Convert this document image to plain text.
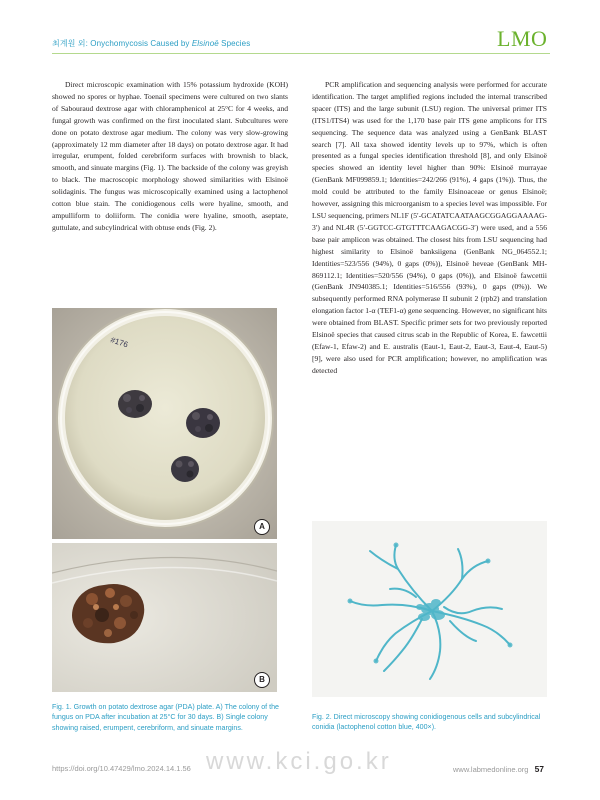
최계원 외: Onychomycosis Caused by Elsinoë Species	LMO

Direct microscopic examination with 15% potassium hydroxide (KOH) showed no spores or hyphae. Toenail specimens were cultured on two slants of Sabouraud dextrose agar with chloramphenicol at 25°C for 4 weeks, and fungal growth was confirmed on the first inoculated slant. Subcultures were done on potato dextrose agar medium. The colony was very slow-growing (approximately 12 mm diameter after 18 days) on potato dextrose agar. It had irregular, erumpent, folded cerebriform surfaces with brownish to black, smooth, and sinuate margins (Fig. 1). The backside of the colony was greyish to black. The macroscopic morphology showed similarities with Elsinoë solidaginis. The fungus was microscopically examined using a lactophenol cotton blue stain. The conidiogenous cells were hyaline, smooth, and ampulliform to doliiform. The conidia were hyaline, smooth, aseptate, guttulate, and subcylindrical with obtuse ends (Fig. 2).

PCR amplification and sequencing analysis were performed for accurate identification. The target amplified regions included the internal transcribed spacer (ITS) and the large subunit (LSU) region. The universal primer ITS (ITS1/ITS4) was used for the 1,170 base pair ITS gene amplicons for ITS sequencing. The sequence data was analyzed using a GenBank BLAST search [7]. All taxa showed identity levels up to 97%, which is often presented as a fungal species identification threshold [8], and only Elsinoë species showed an identity level higher than 90%: Elsinoë murrayae (GenBank MF099859.1; Identities=242/266 (91%), 4 gaps (1%)). Thus, the mold could be attributed to the family Elsinoaceae or genus Elsinoë; however, assigning this microorganism to a species level was impossible. For LSU sequencing, primers NL1F (5′-GCATATCAATAAGCGGAGGAAAAG-3′) and NL4R (5′-GGTCC-GTGTTTCAAGACGG-3′) were used, and a 556 base pair amplicon was obtained. The closest hits from LSU sequencing had highest similarity to Elsinoë banksiigena (GenBank NG_064552.1; Identities=523/556 (94%), 0 gaps (0%)), Elsinoë heveae (GenBank MH-869112.1; Identities=520/556 (94%), 0 gaps (0%)), and Elsinoë fawcettii (GenBank JN940385.1; Identities=516/556 (93%), 0 gaps (0%)). We subsequently performed RNA polymerase II subunit 2 (rpb2) and translation elongation factor 1-α (TEF1-α) gene sequencing. However, no significant hits were obtained from BLAST. Specific primer sets for two previously reported Elsinoë species that caused citrus scab in the Republic of Korea, E. fawcettii (Efaw-1, Efaw-2) and E. australis (Eaut-1, Eaut-2, Eaut-3, Eaut-4, Eaut-5) [9], were also used for PCR amplification; however, no amplification was detected

#176
A
B
Fig. 1. Growth on potato dextrose agar (PDA) plate. A) The colony of the fungus on PDA after incubation at 25°C for 30 days. B) Single colony showing raised, erumpent, cerebriform, and sinuate margins.
Fig. 2. Direct microscopy showing conidiogenous cells and subcylindrical conidia (lactophenol cotton blue, 400×).
www.kci.go.kr
https://doi.org/10.47429/lmo.2024.14.1.56	www.labmedonline.org 57
